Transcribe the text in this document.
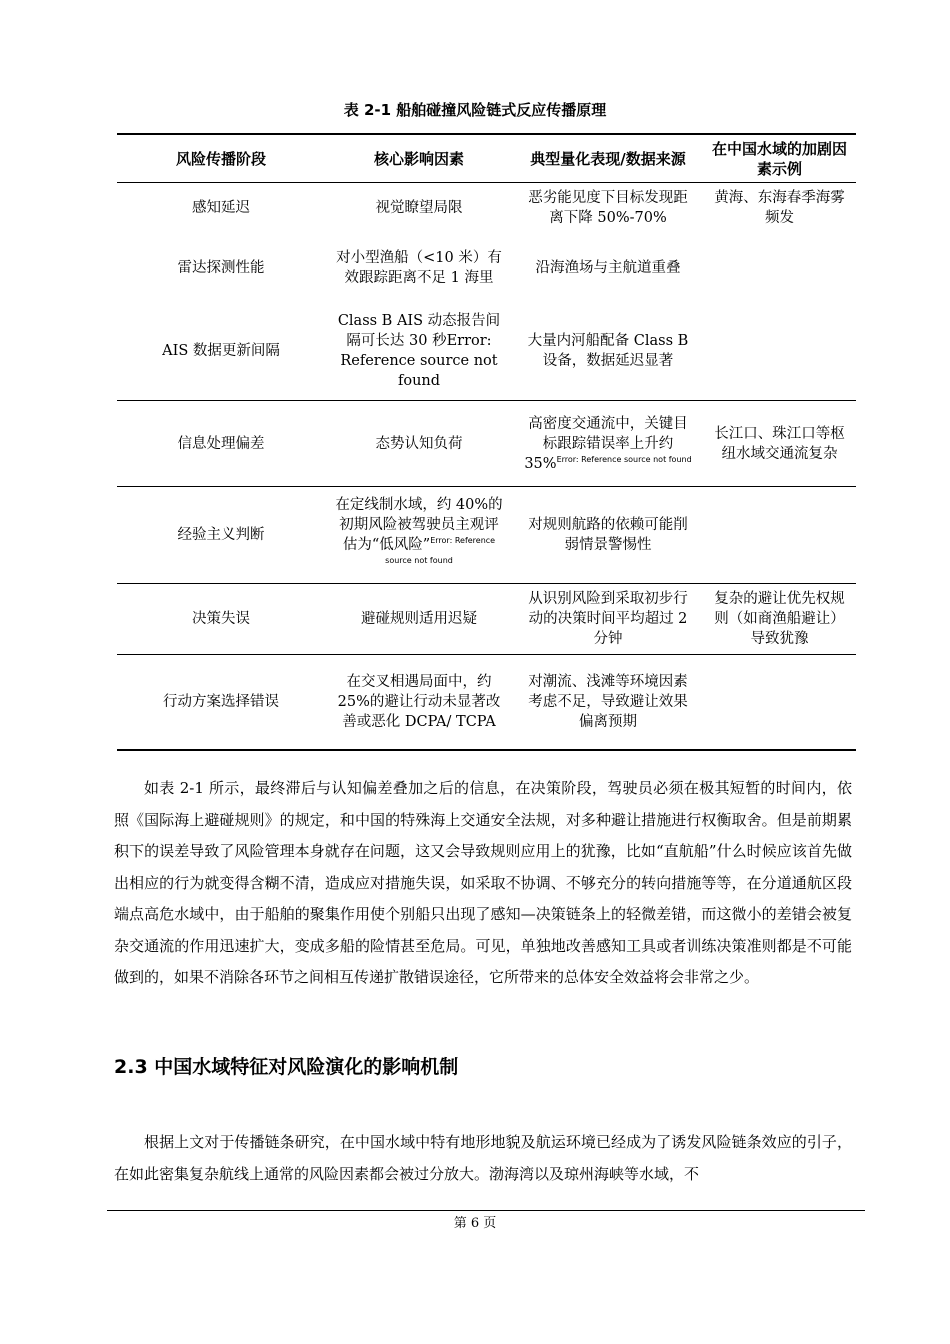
表 2-1 船舶碰撞风险链式反应传播原理
风险传播阶段	核心影响因素	典型量化表现/数据来源	在中国水域的加剧因素示例
感知延迟	视觉瞭望局限	恶劣能见度下目标发现距离下降 50%-70%	黄海、东海春季海雾频发
雷达探测性能	对小型渔船（<10 米）有效跟踪距离不足 1 海里	沿海渔场与主航道重叠	
AIS 数据更新间隔	Class B AIS 动态报告间隔可长达 30 秒Error: Reference source not found	大量内河船配备 Class B 设备，数据延迟显著	
信息处理偏差	态势认知负荷	高密度交通流中，关键目标跟踪错误率上升约 35%$^{Error: Reference source not found}$	长江口、珠江口等枢纽水域交通流复杂
经验主义判断	在定线制水域，约 40%的初期风险被驾驶员主观评估为“低风险”$^{Error: Reference source not found}$	对规则航路的依赖可能削弱情景警惕性	
决策失误	避碰规则适用迟疑	从识别风险到采取初步行动的决策时间平均超过 2 分钟	复杂的避让优先权规则（如商渔船避让）导致犹豫
行动方案选择错误	在交叉相遇局面中，约 25%的避让行动未显著改善或恶化 DCPA/ TCPA	对潮流、浅滩等环境因素考虑不足，导致避让效果偏离预期	

如表 2-1 所示，最终滞后与认知偏差叠加之后的信息，在决策阶段，驾驶员必须在极其短暂的时间内，依照《国际海上避碰规则》的规定，和中国的特殊海上交通安全法规，对多种避让措施进行权衡取舍。但是前期累积下的误差导致了风险管理本身就存在问题，这又会导致规则应用上的犹豫，比如“直航船”什么时候应该首先做出相应的行为就变得含糊不清，造成应对措施失误，如采取不协调、不够充分的转向措施等等，在分道通航区段端点高危水域中，由于船舶的聚集作用使个别船只出现了感知—决策链条上的轻微差错，而这微小的差错会被复杂交通流的作用迅速扩大，变成多船的险情甚至危局。可见，单独地改善感知工具或者训练决策准则都是不可能做到的，如果不消除各环节之间相互传递扩散错误途径，它所带来的总体安全效益将会非常之少。

2.3 中国水域特征对风险演化的影响机制

根据上文对于传播链条研究，在中国水域中特有地形地貌及航运环境已经成为了诱发风险链条效应的引子，在如此密集复杂航线上通常的风险因素都会被过分放大。渤海湾以及琼州海峡等水域，不

第 6 页
